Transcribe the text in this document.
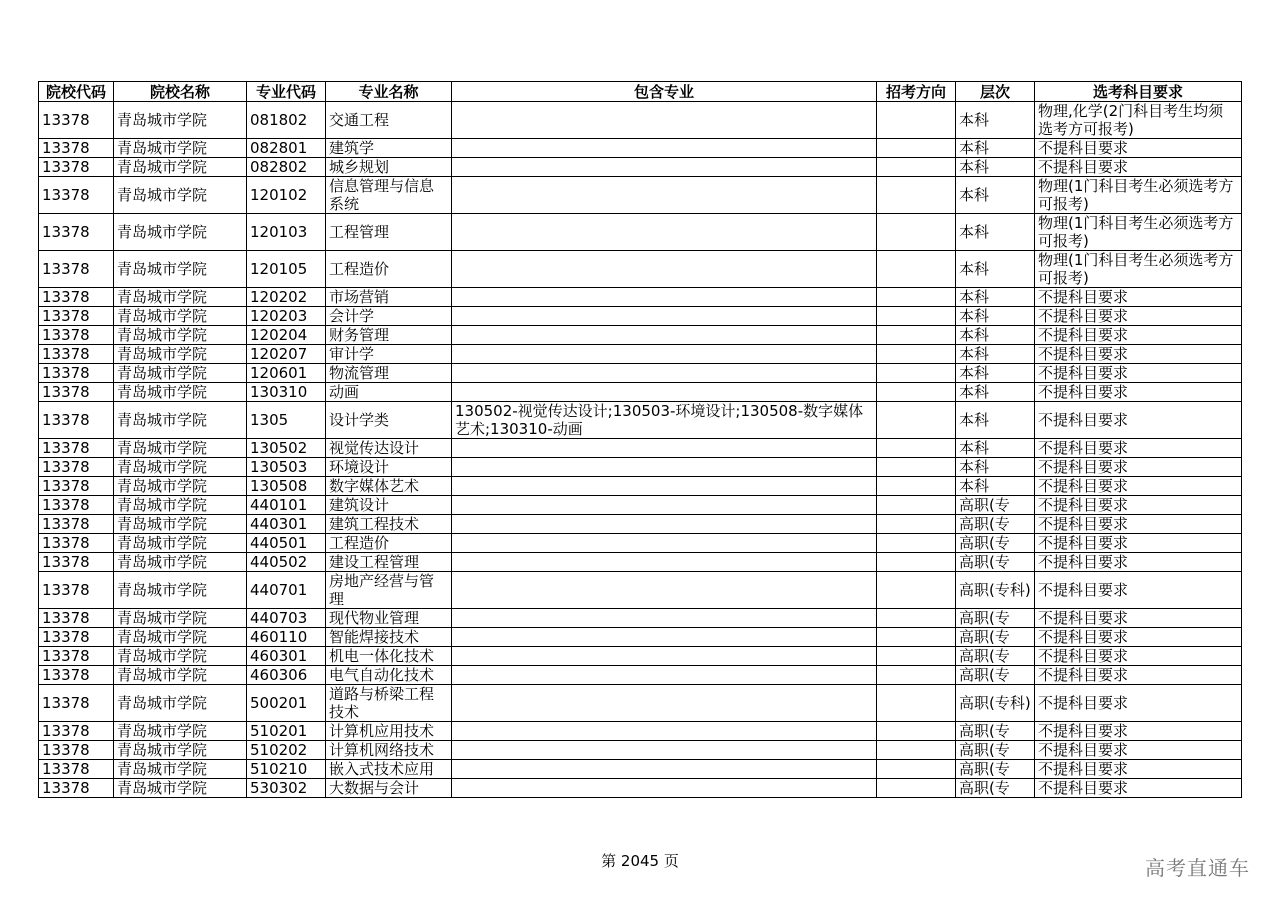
院校代码	院校名称	专业代码	专业名称	包含专业	招考方向	层次	选考科目要求

13378	青岛城市学院	081802	交通工程			本科	物理,化学(2门科目考生均须选考方可报考)

13378	青岛城市学院	082801	建筑学			本科	不提科目要求

13378	青岛城市学院	082802	城乡规划			本科	不提科目要求

13378	青岛城市学院	120102	信息管理与信息系统			本科	物理(1门科目考生必须选考方可报考)

13378	青岛城市学院	120103	工程管理			本科	物理(1门科目考生必须选考方可报考)

13378	青岛城市学院	120105	工程造价			本科	物理(1门科目考生必须选考方可报考)

13378	青岛城市学院	120202	市场营销			本科	不提科目要求

13378	青岛城市学院	120203	会计学			本科	不提科目要求

13378	青岛城市学院	120204	财务管理			本科	不提科目要求

13378	青岛城市学院	120207	审计学			本科	不提科目要求

13378	青岛城市学院	120601	物流管理			本科	不提科目要求

13378	青岛城市学院	130310	动画			本科	不提科目要求

13378	青岛城市学院	1305	设计学类	130502-视觉传达设计;130503-环境设计;130508-数字媒体艺术;130310-动画		本科	不提科目要求

13378	青岛城市学院	130502	视觉传达设计			本科	不提科目要求

13378	青岛城市学院	130503	环境设计			本科	不提科目要求

13378	青岛城市学院	130508	数字媒体艺术			本科	不提科目要求

13378	青岛城市学院	440101	建筑设计			高职(专	不提科目要求

13378	青岛城市学院	440301	建筑工程技术			高职(专	不提科目要求

13378	青岛城市学院	440501	工程造价			高职(专	不提科目要求

13378	青岛城市学院	440502	建设工程管理			高职(专	不提科目要求

13378	青岛城市学院	440701	房地产经营与管理			高职(专科)	不提科目要求

13378	青岛城市学院	440703	现代物业管理			高职(专	不提科目要求

13378	青岛城市学院	460110	智能焊接技术			高职(专	不提科目要求

13378	青岛城市学院	460301	机电一体化技术			高职(专	不提科目要求

13378	青岛城市学院	460306	电气自动化技术			高职(专	不提科目要求

13378	青岛城市学院	500201	道路与桥梁工程技术			高职(专科)	不提科目要求

13378	青岛城市学院	510201	计算机应用技术			高职(专	不提科目要求

13378	青岛城市学院	510202	计算机网络技术			高职(专	不提科目要求

13378	青岛城市学院	510210	嵌入式技术应用			高职(专	不提科目要求

13378	青岛城市学院	530302	大数据与会计			高职(专	不提科目要求
第 2045 页	高考直通车
